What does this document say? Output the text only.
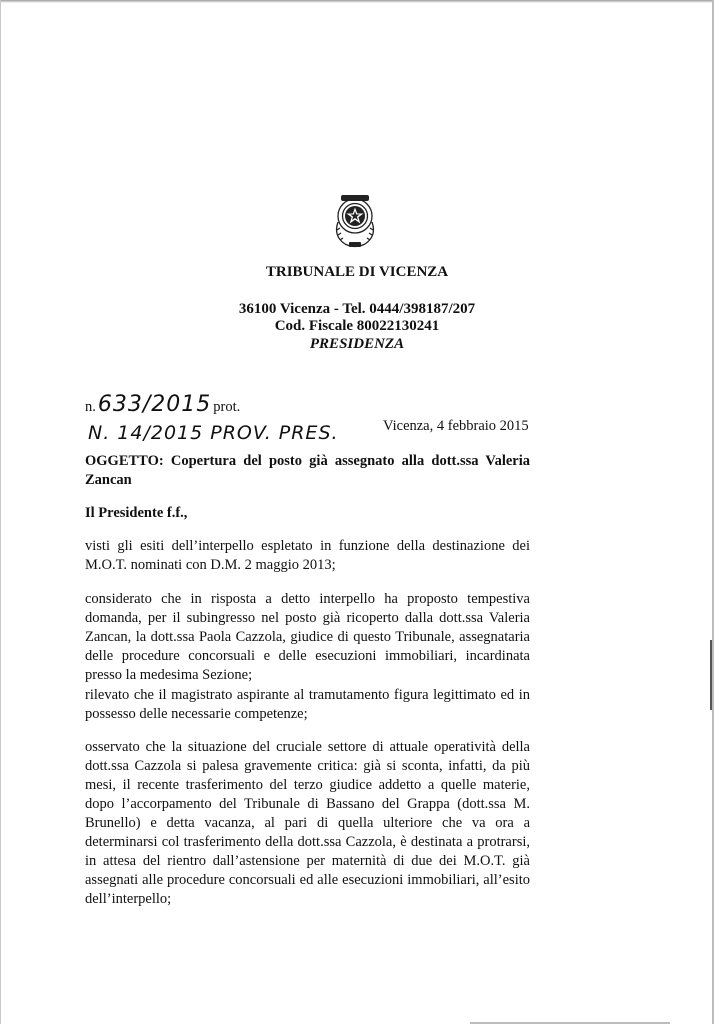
TRIBUNALE DI VICENZA
36100 Vicenza - Tel. 0444/398187/207
Cod. Fiscale 80022130241
PRESIDENZA
n.633/2015 prot.
N. 14/2015 PROV. PRES.	Vicenza, 4 febbraio 2015
OGGETTO: Copertura del posto già assegnato alla dott.ssa Valeria Zancan
Il Presidente f.f.,
visti gli esiti dell’interpello espletato in funzione della destinazione dei M.O.T. nominati con D.M. 2 maggio 2013;
considerato che in risposta a detto interpello ha proposto tempestiva domanda, per il subingresso nel posto già ricoperto dalla dott.ssa Valeria Zancan, la dott.ssa Paola Cazzola, giudice di questo Tribunale, assegnataria delle procedure concorsuali e delle esecuzioni immobiliari, incardinata presso la medesima Sezione;
rilevato che il magistrato aspirante al tramutamento figura legittimato ed in possesso delle necessarie competenze;
osservato che la situazione del cruciale settore di attuale operatività della dott.ssa Cazzola si palesa gravemente critica: già si sconta, infatti, da più mesi, il recente trasferimento del terzo giudice addetto a quelle materie, dopo l’accorpamento del Tribunale di Bassano del Grappa (dott.ssa M. Brunello) e detta vacanza, al pari di quella ulteriore che va ora a determinarsi col trasferimento della dott.ssa Cazzola, è destinata a protrarsi, in attesa del rientro dall’astensione per maternità di due dei M.O.T. già assegnati alle procedure concorsuali ed alle esecuzioni immobiliari, all’esito dell’interpello;
